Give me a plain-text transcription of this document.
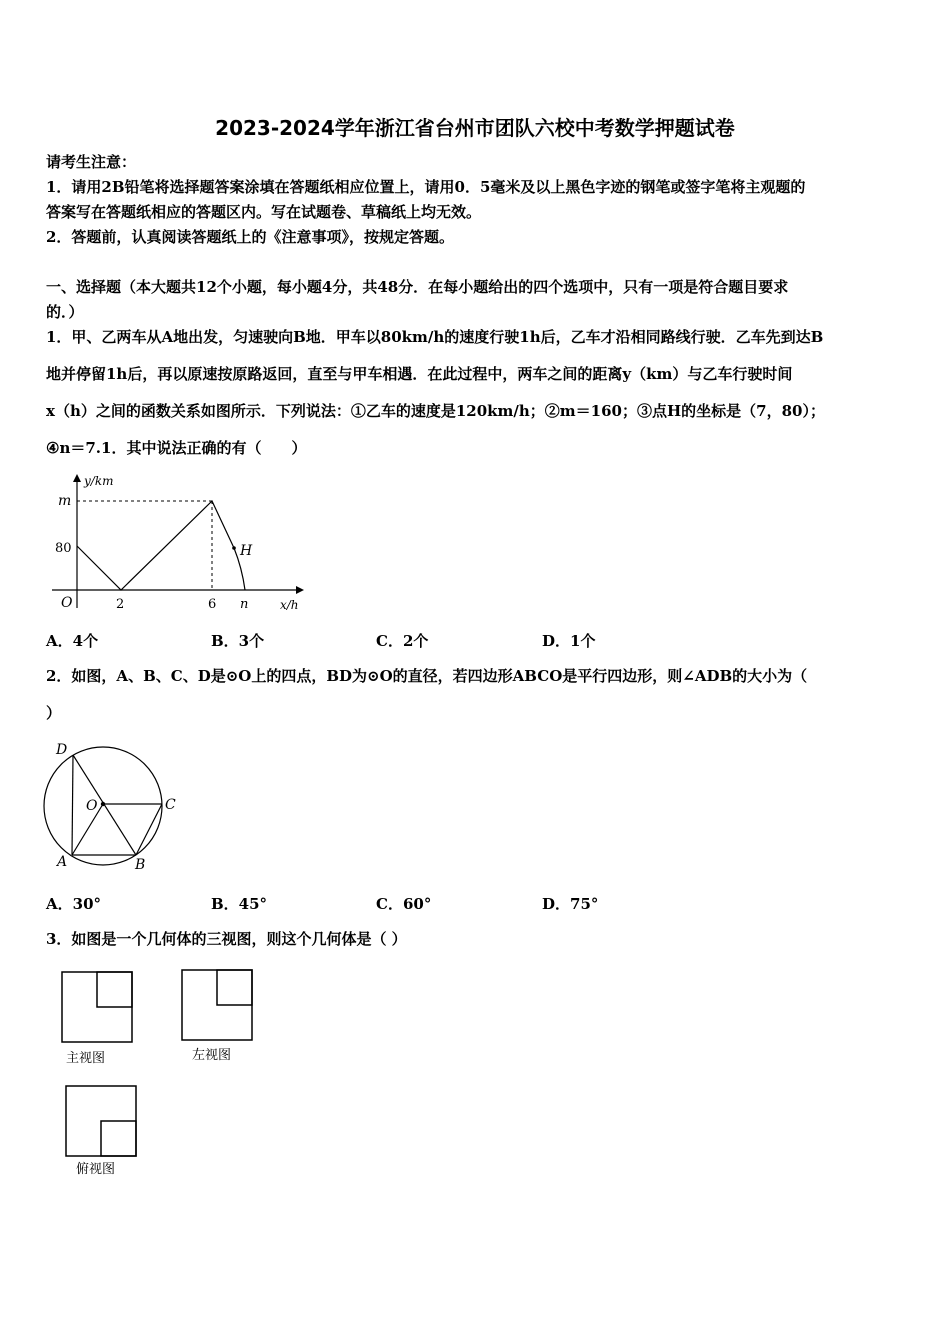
2023-2024学年浙江省台州市团队六校中考数学押题试卷
请考生注意：
1．请用2B铅笔将选择题答案涂填在答题纸相应位置上，请用0．5毫米及以上黑色字迹的钢笔或签字笔将主观题的
答案写在答题纸相应的答题区内。写在试题卷、草稿纸上均无效。
2．答题前，认真阅读答题纸上的《注意事项》，按规定答题。
一、选择题（本大题共12个小题，每小题4分，共48分．在每小题给出的四个选项中，只有一项是符合题目要求
的．）
1．甲、乙两车从A地出发，匀速驶向B地．甲车以80km/h的速度行驶1h后，乙车才沿相同路线行驶．乙车先到达B
地并停留1h后，再以原速按原路返回，直至与甲车相遇．在此过程中，两车之间的距离y（km）与乙车行驶时间
x（h）之间的函数关系如图所示．下列说法：①乙车的速度是120km/h；②m＝160；③点H的坐标是（7，80）；
④n＝7.1．其中说法正确的有（　　）
y/km
m
80
O	2	6 n
H
x/h
A．4个	B．3个	C．2个	D．1个
2．如图，A、B、C、D是⊙O上的四点，BD为⊙O的直径，若四边形ABCO是平行四边形，则∠ADB的大小为（
）
D
O	C
A	B
A．30°	B．45°	C．60°	D．75°
3．如图是一个几何体的三视图，则这个几何体是（ ）
主视图	左视图
俯视图
